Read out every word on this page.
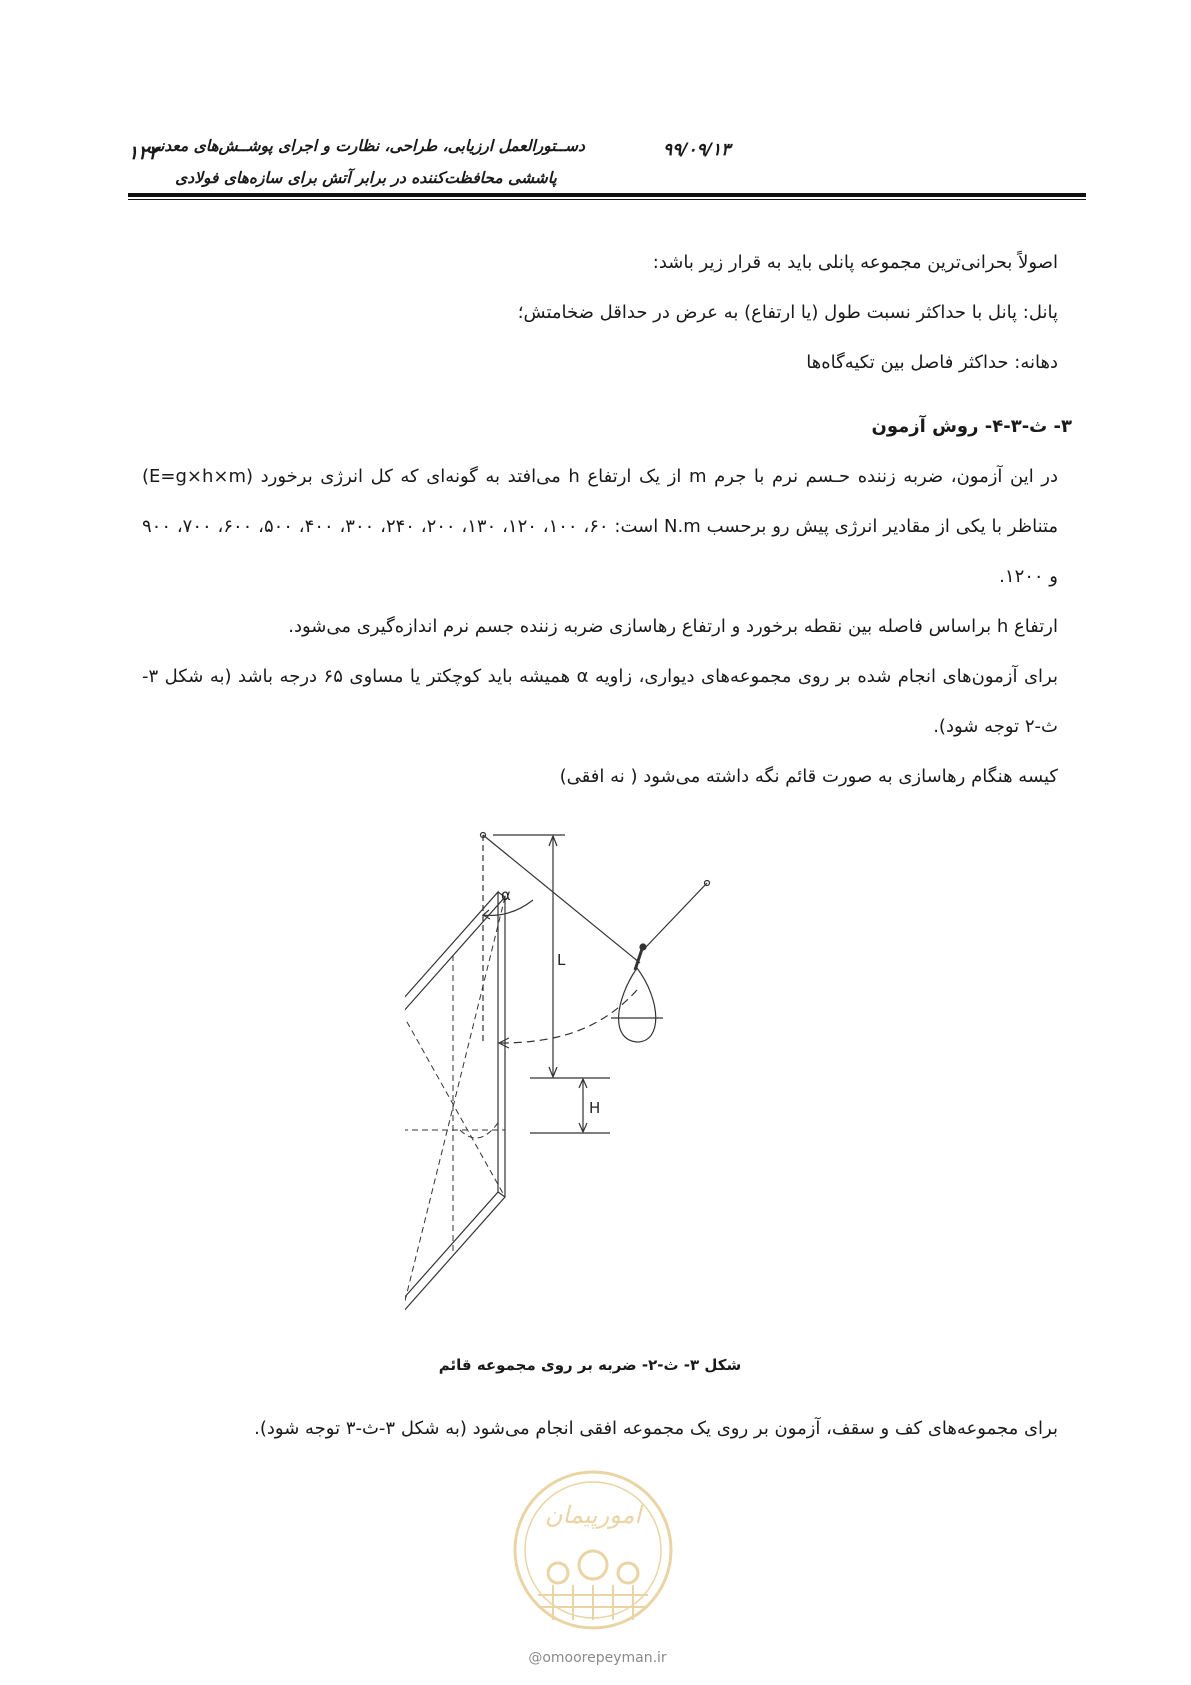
۱۲۲	۹۹/۰۹/۱۳
دســتورالعمل ارزیابی، طراحی، نظارت و اجرای پوشــش‌های معدنی
پاششی محافظت‌کننده در برابر آتش برای سازه‌های فولادی

اصولاً بحرانی‌ترین مجموعه پانلی باید به قرار زیر باشد:

پانل: پانل با حداکثر نسبت طول (یا ارتفاع) به عرض در حداقل ضخامتش؛

دهانه: حداکثر فاصل بین تکیه‌گاه‌ها

۳- ث-۳-۴- روش آزمون

در این آزمون، ضربه زننده حـسم نرم با جرم m از یک ارتفاع h می‌افتد به گونه‌ای که کل انرژی برخورد (E=g×h×m) متناظر با یکی از مقادیر انرژی پیش رو برحسب N.m است: ۶۰، ۱۰۰، ۱۲۰، ۱۳۰، ۲۰۰، ۲۴۰، ۳۰۰، ۴۰۰، ۵۰۰، ۶۰۰، ۷۰۰، ۹۰۰ و ۱۲۰۰.

ارتفاع h براساس فاصله بین نقطه برخورد و ارتفاع رهاسازی ضربه زننده جسم نرم اندازه‌گیری می‌شود.

برای آزمون‌های انجام شده بر روی مجموعه‌های دیواری، زاویه α همیشه باید کوچکتر یا مساوی ۶۵ درجه باشد (به شکل ۳- ث-۲ توجه شود).

کیسه هنگام رهاسازی به صورت قائم نگه داشته می‌شود ( نه افقی)

α
L
H
شکل ۳- ث-۲- ضربه بر روی مجموعه قائم
برای مجموعه‌های کف و سقف، آزمون بر روی یک مجموعه افقی انجام می‌شود (به شکل ۳-ث-۳ توجه شود).
امورپیمان
@omoorepeyman.ir
